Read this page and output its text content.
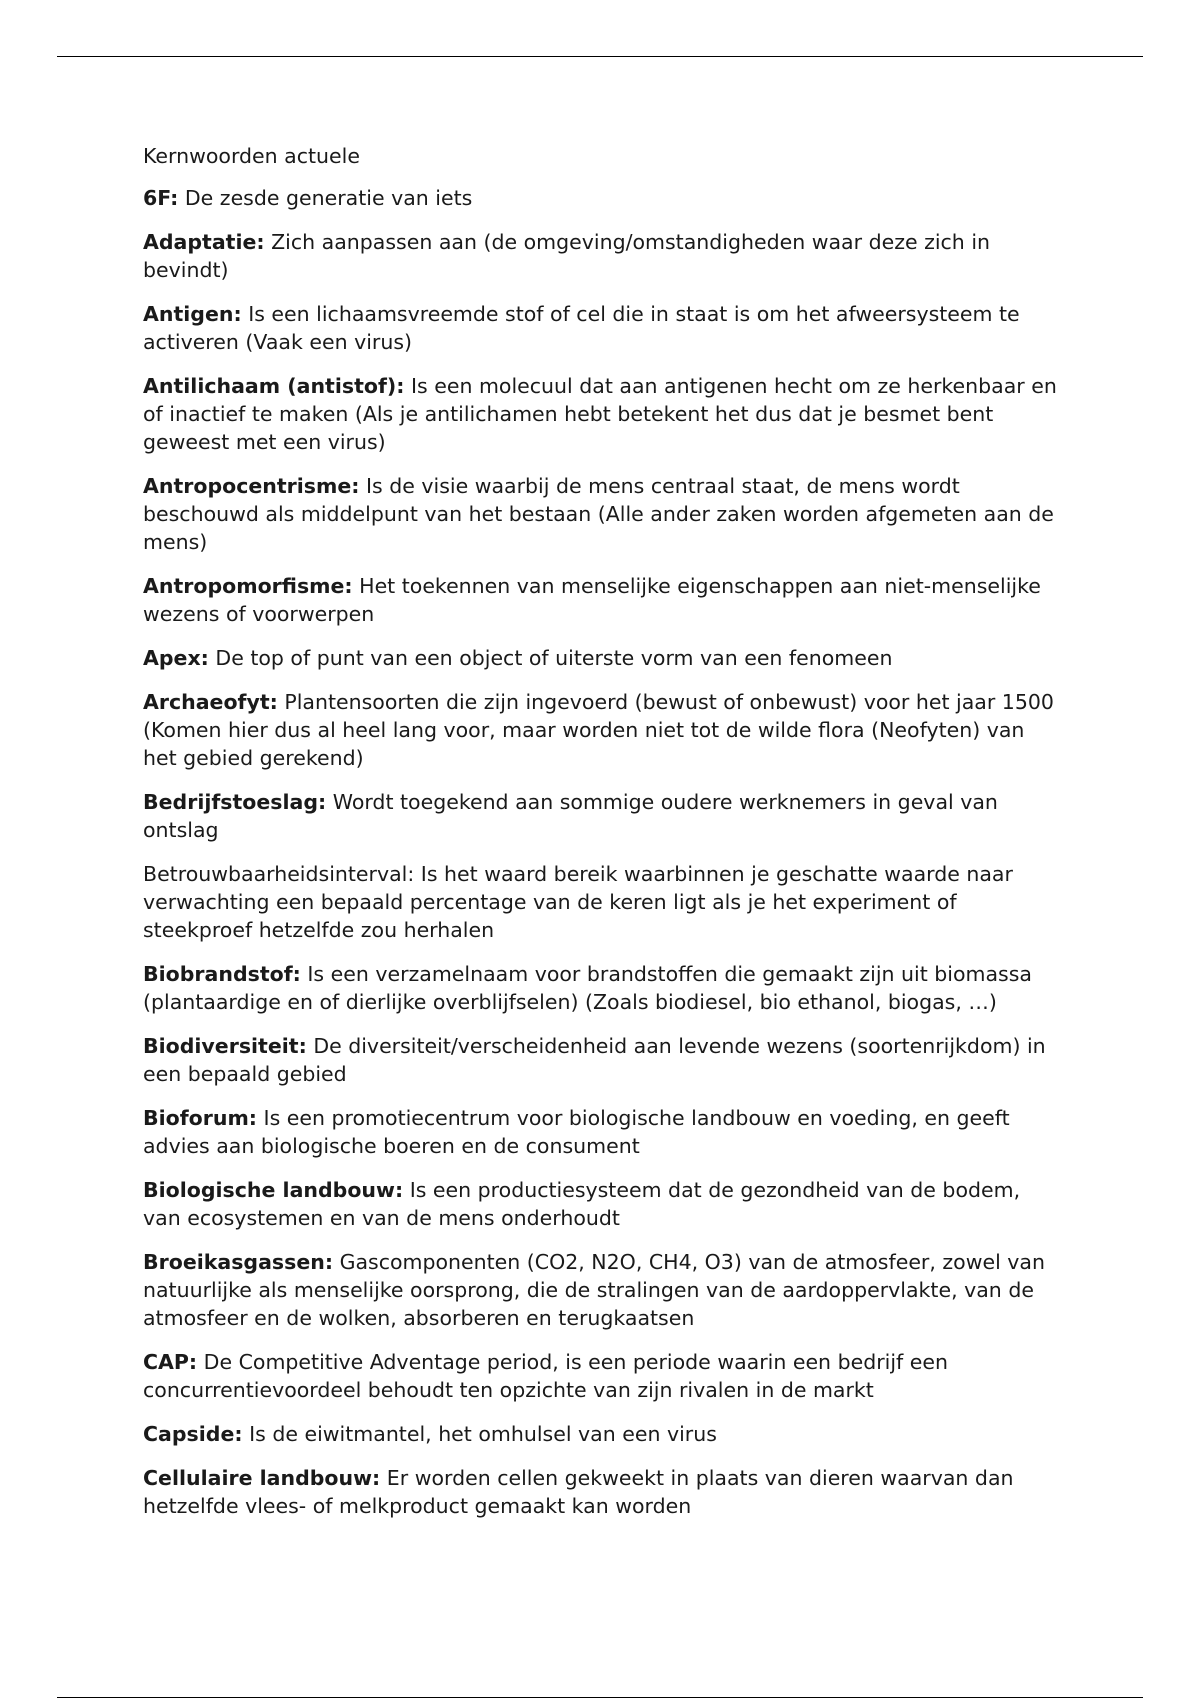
Kernwoorden actuele

6F: De zesde generatie van iets
Adaptatie: Zich aanpassen aan (de omgeving/omstandigheden waar deze zich in bevindt)
Antigen: Is een lichaamsvreemde stof of cel die in staat is om het afweersysteem te activeren (Vaak een virus)
Antilichaam (antistof): Is een molecuul dat aan antigenen hecht om ze herkenbaar en of inactief te maken (Als je antilichamen hebt betekent het dus dat je besmet bent geweest met een virus)
Antropocentrisme: Is de visie waarbij de mens centraal staat, de mens wordt beschouwd als middelpunt van het bestaan (Alle ander zaken worden afgemeten aan de mens)
Antropomorfisme: Het toekennen van menselijke eigenschappen aan niet-menselijke wezens of voorwerpen
Apex: De top of punt van een object of uiterste vorm van een fenomeen
Archaeofyt: Plantensoorten die zijn ingevoerd (bewust of onbewust) voor het jaar 1500 (Komen hier dus al heel lang voor, maar worden niet tot de wilde flora (Neofyten) van het gebied gerekend)
Bedrijfstoeslag: Wordt toegekend aan sommige oudere werknemers in geval van ontslag
Betrouwbaarheidsinterval: Is het waard bereik waarbinnen je geschatte waarde naar verwachting een bepaald percentage van de keren ligt als je het experiment of steekproef hetzelfde zou herhalen
Biobrandstof: Is een verzamelnaam voor brandstoffen die gemaakt zijn uit biomassa (plantaardige en of dierlijke overblijfselen) (Zoals biodiesel, bio ethanol, biogas, …)
Biodiversiteit: De diversiteit/verscheidenheid aan levende wezens (soortenrijkdom) in een bepaald gebied
Bioforum: Is een promotiecentrum voor biologische landbouw en voeding, en geeft advies aan biologische boeren en de consument
Biologische landbouw: Is een productiesysteem dat de gezondheid van de bodem, van ecosystemen en van de mens onderhoudt
Broeikasgassen: Gascomponenten (CO2, N2O, CH4, O3) van de atmosfeer, zowel van natuurlijke als menselijke oorsprong, die de stralingen van de aardoppervlakte, van de atmosfeer en de wolken, absorberen en terugkaatsen
CAP: De Competitive Adventage period, is een periode waarin een bedrijf een concurrentievoordeel behoudt ten opzichte van zijn rivalen in de markt
Capside: Is de eiwitmantel, het omhulsel van een virus
Cellulaire landbouw: Er worden cellen gekweekt in plaats van dieren waarvan dan hetzelfde vlees- of melkproduct gemaakt kan worden
